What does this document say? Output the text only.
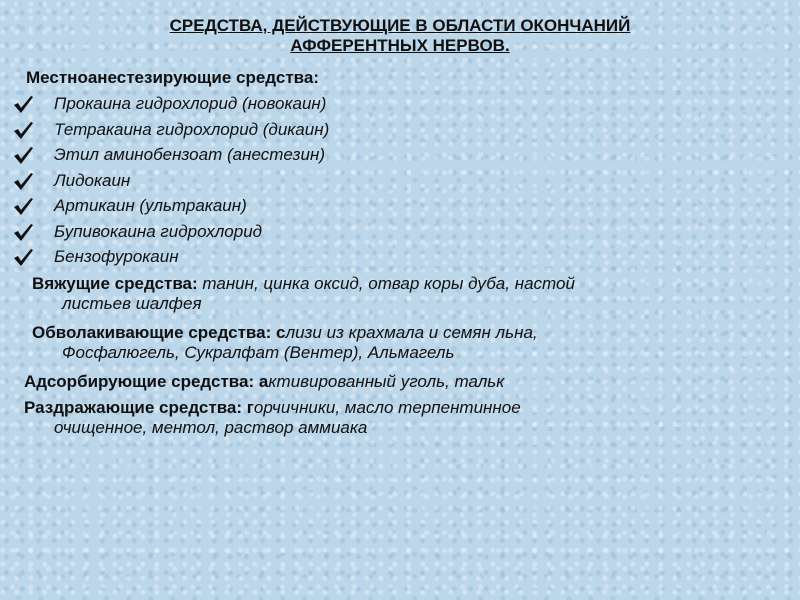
СРЕДСТВА, ДЕЙСТВУЮЩИЕ В ОБЛАСТИ ОКОНЧАНИЙ
АФФЕРЕНТНЫХ НЕРВОВ.
Местноанестезирующие средства:
Прокаина гидрохлорид (новокаин)
Тетракаина гидрохлорид (дикаин)
Этил аминобензоат (анестезин)
Лидокаин
Артикаин (ультракаин)
Бупивокаина гидрохлорид
Бензофурокаин
Вяжущие средства: танин, цинка оксид, отвар коры дуба, настой
листьев шалфея
Обволакивающие средства: слизи из крахмала и семян льна,
Фосфалюгель, Сукралфат (Вентер), Альмагель
Адсорбирующие средства: активированный уголь, тальк
Раздражающие средства: горчичники, масло терпентинное
очищенное, ментол, раствор аммиака
